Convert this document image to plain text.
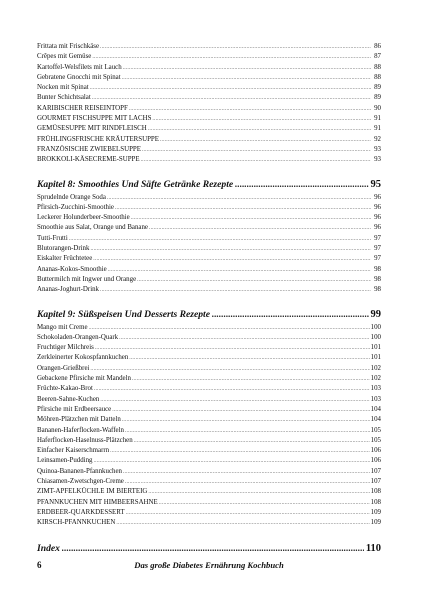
Frittata mit Frischkäse .....	86
Crêpes mit Gemüse .....	87
Kartoffel-Welsfilets mit Lauch .....	88
Gebratene Gnocchi mit Spinat .....	88
Nocken mit Spinat .....	89
Bunter Schichtsalat .....	89
KARIBISCHER REISEINTOPF .....	90
GOURMET FISCHSUPPE MIT LACHS .....	91
GEMÜSESUPPE MIT RINDFLEISCH .....	91
FRÜHLINGSFRISCHE KRÄUTERSUPPE .....	92
FRANZÖSISCHE ZWIEBELSUPPE .....	93
BROKKOLI-KÄSECREME-SUPPE .....	93
Kapitel 8: Smoothies Und Säfte Getränke Rezepte .....	95
Sprudelnde Orange Soda .....	96
Pfirsich-Zucchini-Smoothie .....	96
Leckerer Holunderbeer-Smoothie .....	96
Smoothie aus Salat, Orange und Banane .....	96
Tutti-Frutti .....	97
Blutorangen-Drink .....	97
Eiskalter Früchtetee .....	97
Ananas-Kokos-Smoothie .....	98
Buttermilch mit Ingwer und Orange .....	98
Ananas-Joghurt-Drink .....	98
Kapitel 9: Süßspeisen Und Desserts Rezepte .....	99
Mango mit Creme .....	100
Schokoladen-Orangen-Quark .....	100
Fruchtiger Milchreis .....	101
Zerkleinerter Kokospfannkuchen .....	101
Orangen-Grießbrei .....	102
Gebackene Pfirsiche mit Mandeln .....	102
Früchte-Kakao-Brot .....	103
Beeren-Sahne-Kuchen .....	103
Pfirsiche mit Erdbeersauce .....	104
Möhren-Plätzchen mit Datteln .....	104
Bananen-Haferflocken-Waffeln .....	105
Haferflocken-Haselnuss-Plätzchen .....	105
Einfacher Kaiserschmarrn .....	106
Leinsamen-Pudding .....	106
Quinoa-Bananen-Pfannkuchen .....	107
Chiasamen-Zwetschgen-Creme .....	107
ZIMT-APFELKÜCHLE IM BIERTEIG .....	108
PFANNKUCHEN MIT HIMBEERSAHNE .....	108
ERDBEER-QUARKDESSERT .....	109
KIRSCH-PFANNKUCHEN .....	109
Index .....	110
6	Das große Diabetes Ernährung Kochbuch
